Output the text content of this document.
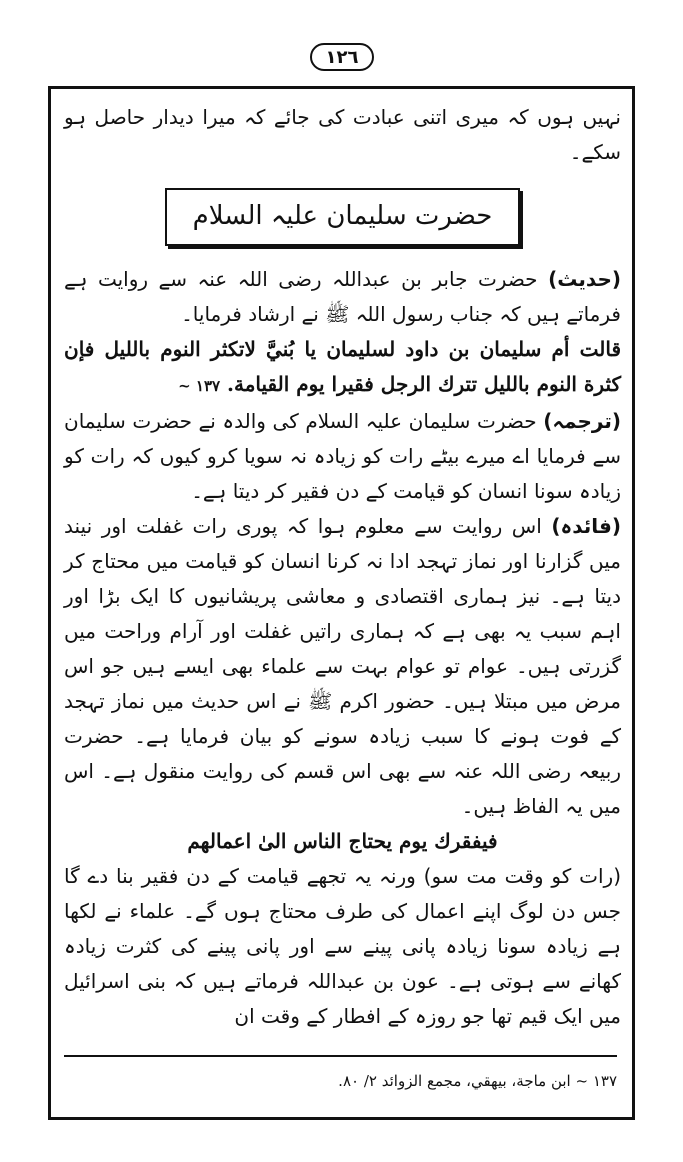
١٢٦

نہیں ہوں کہ میری اتنی عبادت کی جائے کہ میرا دیدار حاصل ہو سکے۔

حضرت سلیمان علیہ السلام

(حدیث) حضرت جابر بن عبداللہ رضی اللہ عنہ سے روایت ہے فرماتے ہیں کہ جناب رسول اللہ ﷺ نے ارشاد فرمایا۔

قالت أم سليمان بن داود لسليمان يا بُنيَّ لاتكثر النوم بالليل فإن كثرة النوم بالليل تترك الرجل فقيرا يوم القيامة. ١٣٧ ~

(ترجمہ) حضرت سلیمان علیہ السلام کی والدہ نے حضرت سلیمان سے فرمایا اے میرے بیٹے رات کو زیادہ نہ سویا کرو کیوں کہ رات کو زیادہ سونا انسان کو قیامت کے دن فقیر کر دیتا ہے۔

(فائدہ) اس روایت سے معلوم ہوا کہ پوری رات غفلت اور نیند میں گزارنا اور نماز تہجد ادا نہ کرنا انسان کو قیامت میں محتاج کر دیتا ہے۔ نیز ہماری اقتصادی و معاشی پریشانیوں کا ایک بڑا اور اہم سبب یہ بھی ہے کہ ہماری راتیں غفلت اور آرام وراحت میں گزرتی ہیں۔ عوام تو عوام بہت سے علماء بھی ایسے ہیں جو اس مرض میں مبتلا ہیں۔ حضور اکرم ﷺ نے اس حدیث میں نماز تہجد کے فوت ہونے کا سبب زیادہ سونے کو بیان فرمایا ہے۔ حضرت ربیعہ رضی اللہ عنہ سے بھی اس قسم کی روایت منقول ہے۔ اس میں یہ الفاظ ہیں۔

فيفقرك يوم يحتاج الناس الىٰ اعمالهم

(رات کو وقت مت سو) ورنہ یہ تجھے قیامت کے دن فقیر بنا دے گا جس دن لوگ اپنے اعمال کی طرف محتاج ہوں گے۔ علماء نے لکھا ہے زیادہ سونا زیادہ پانی پینے سے اور پانی پینے کی کثرت زیادہ کھانے سے ہوتی ہے۔ عون بن عبداللہ فرماتے ہیں کہ بنی اسرائیل میں ایک قیم تھا جو روزہ کے افطار کے وقت ان

١٣٧ ~ ابن ماجة، بيهقي، مجمع الزوائد ٢/ ٨٠.
